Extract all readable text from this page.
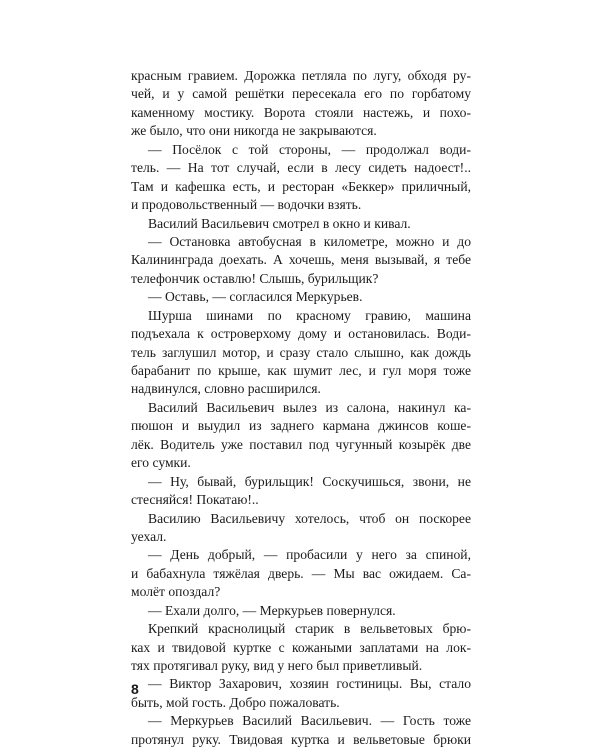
красным гравием. Дорожка петляла по лугу, обходя ру-
чей, и у самой решётки пересекала его по горбатому
каменному мостику. Ворота стояли настежь, и похо-
же было, что они никогда не закрываются.
— Посёлок с той стороны, — продолжал води-
тель. — На тот случай, если в лесу сидеть надоест!..
Там и кафешка есть, и ресторан «Беккер» приличный,
и продовольственный — водочки взять.
Василий Васильевич смотрел в окно и кивал.
— Остановка автобусная в километре, можно и до
Калининграда доехать. А хочешь, меня вызывай, я тебе
телефончик оставлю! Слышь, бурильщик?
— Оставь, — согласился Меркурьев.
Шурша шинами по красному гравию, машина
подъехала к островерхому дому и остановилась. Води-
тель заглушил мотор, и сразу стало слышно, как дождь
барабанит по крыше, как шумит лес, и гул моря тоже
надвинулся, словно расширился.
Василий Васильевич вылез из салона, накинул ка-
пюшон и выудил из заднего кармана джинсов коше-
лёк. Водитель уже поставил под чугунный козырёк две
его сумки.
— Ну, бывай, бурильщик! Соскучишься, звони, не
стесняйся! Покатаю!..
Василию Васильевичу хотелось, чтоб он поскорее
уехал.
— День добрый, — пробасили у него за спиной,
и бабахнула тяжёлая дверь. — Мы вас ожидаем. Са-
молёт опоздал?
— Ехали долго, — Меркурьев повернулся.
Крепкий краснолицый старик в вельветовых брю-
ках и твидовой куртке с кожаными заплатами на лок-
тях протягивал руку, вид у него был приветливый.
— Виктор Захарович, хозяин гостиницы. Вы, стало
быть, мой гость. Добро пожаловать.
— Меркурьев Василий Васильевич. — Гость тоже
протянул руку. Твидовая куртка и вельветовые брюки
8
